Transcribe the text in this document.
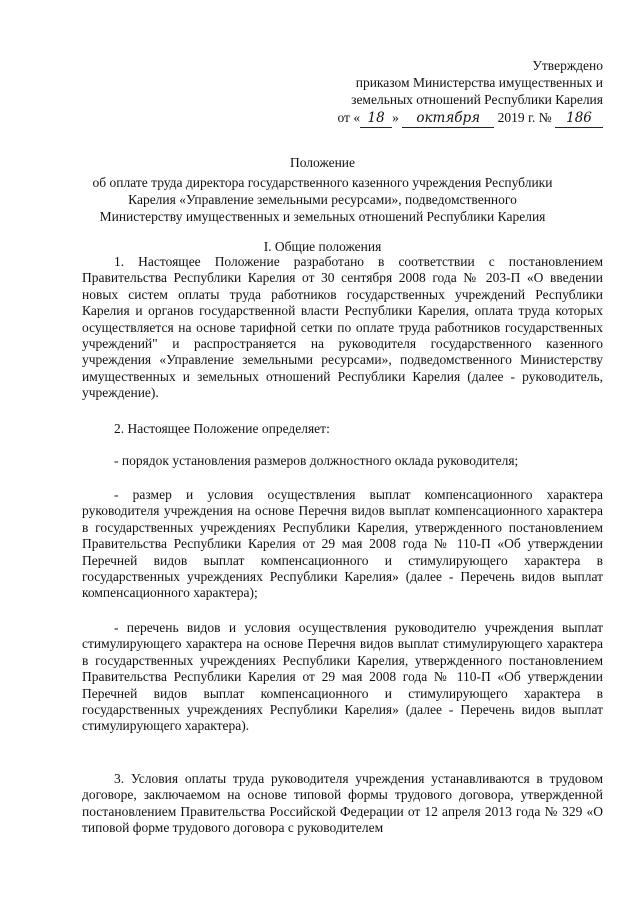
Утверждено
приказом Министерства имущественных и
земельных отношений Республики Карелия
от « 18 » октября 2019 г. № 186
Положение
об оплате труда директора государственного казенного учреждения Республики
Карелия «Управление земельными ресурсами», подведомственного
Министерству имущественных и земельных отношений Республики Карелия
I. Общие положения

1. Настоящее Положение разработано в соответствии с постановлением Правительства Республики Карелия от 30 сентября 2008 года № 203-П «О введении новых систем оплаты труда работников государственных учреждений Республики Карелия и органов государственной власти Республики Карелия, оплата труда которых осуществляется на основе тарифной сетки по оплате труда работников государственных учреждений" и распространяется на руководителя государственного казенного учреждения «Управление земельными ресурсами», подведомственного Министерству имущественных и земельных отношений Республики Карелия (далее - руководитель, учреждение).

2. Настоящее Положение определяет:

- порядок установления размеров должностного оклада руководителя;

- размер и условия осуществления выплат компенсационного характера руководителя учреждения на основе Перечня видов выплат компенсационного характера в государственных учреждениях Республики Карелия, утвержденного постановлением Правительства Республики Карелия от 29 мая 2008 года № 110-П «Об утверждении Перечней видов выплат компенсационного и стимулирующего характера в государственных учреждениях Республики Карелия» (далее - Перечень видов выплат компенсационного характера);

- перечень видов и условия осуществления руководителю учреждения выплат стимулирующего характера на основе Перечня видов выплат стимулирующего характера в государственных учреждениях Республики Карелия, утвержденного постановлением Правительства Республики Карелия от 29 мая 2008 года № 110-П «Об утверждении Перечней видов выплат компенсационного и стимулирующего характера в государственных учреждениях Республики Карелия» (далее - Перечень видов выплат стимулирующего характера).

3. Условия оплаты труда руководителя учреждения устанавливаются в трудовом договоре, заключаемом на основе типовой формы трудового договора, утвержденной постановлением Правительства Российской Федерации от 12 апреля 2013 года № 329 «О типовой форме трудового договора с руководителем
